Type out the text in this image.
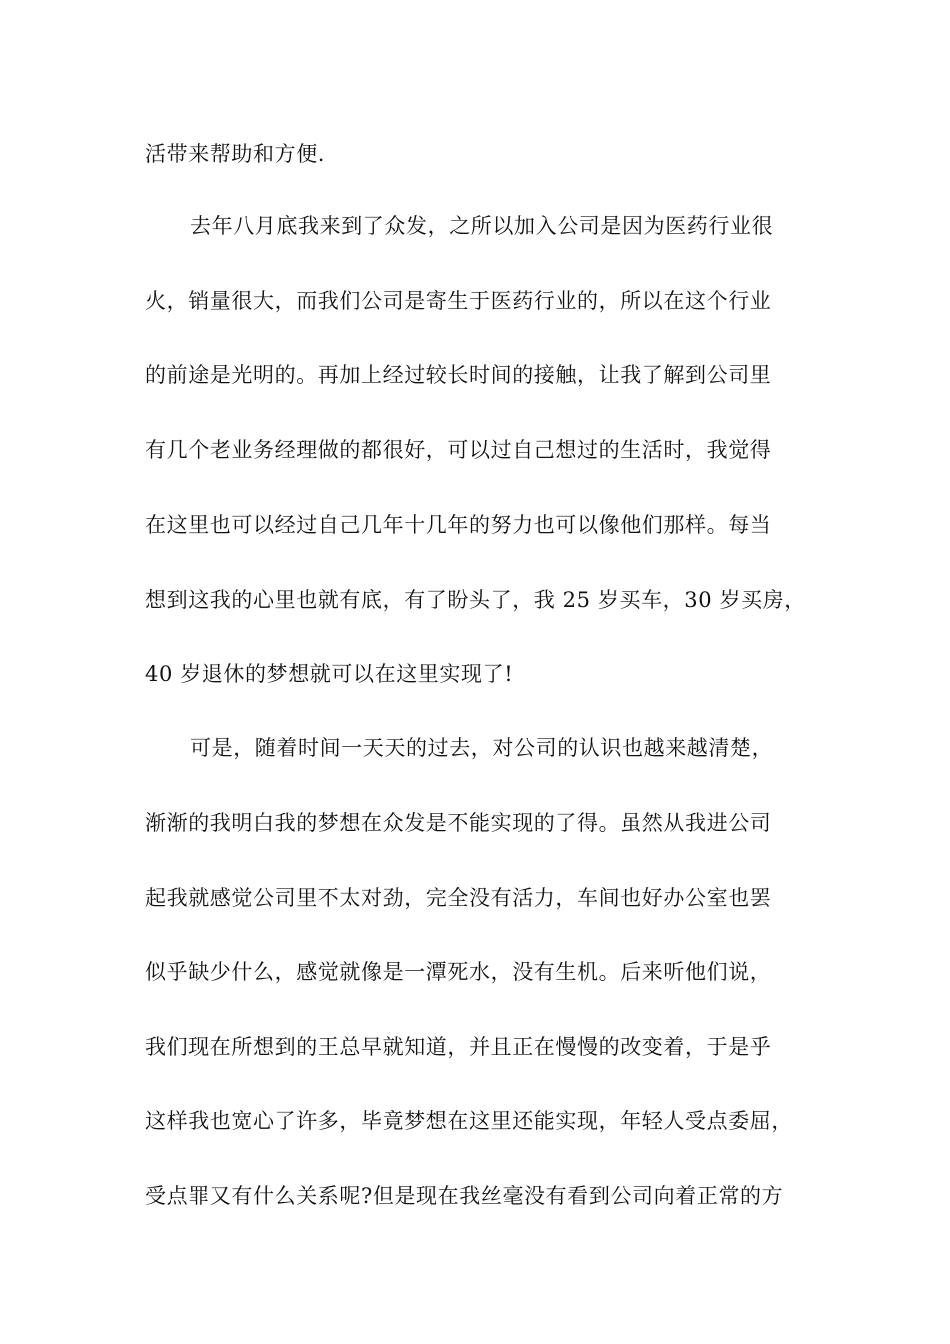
活带来帮助和方便.

去年八月底我来到了众发，之所以加入公司是因为医药行业很

火，销量很大，而我们公司是寄生于医药行业的，所以在这个行业

的前途是光明的。再加上经过较长时间的接触，让我了解到公司里

有几个老业务经理做的都很好，可以过自己想过的生活时，我觉得

在这里也可以经过自己几年十几年的努力也可以像他们那样。每当

想到这我的心里也就有底，有了盼头了，我 25 岁买车，30 岁买房，

40 岁退休的梦想就可以在这里实现了!

可是，随着时间一天天的过去，对公司的认识也越来越清楚，

渐渐的我明白我的梦想在众发是不能实现的了得。虽然从我进公司

起我就感觉公司里不太对劲，完全没有活力，车间也好办公室也罢

似乎缺少什么，感觉就像是一潭死水，没有生机。后来听他们说，

我们现在所想到的王总早就知道，并且正在慢慢的改变着，于是乎

这样我也宽心了许多，毕竟梦想在这里还能实现，年轻人受点委屈，

受点罪又有什么关系呢?但是现在我丝毫没有看到公司向着正常的方
